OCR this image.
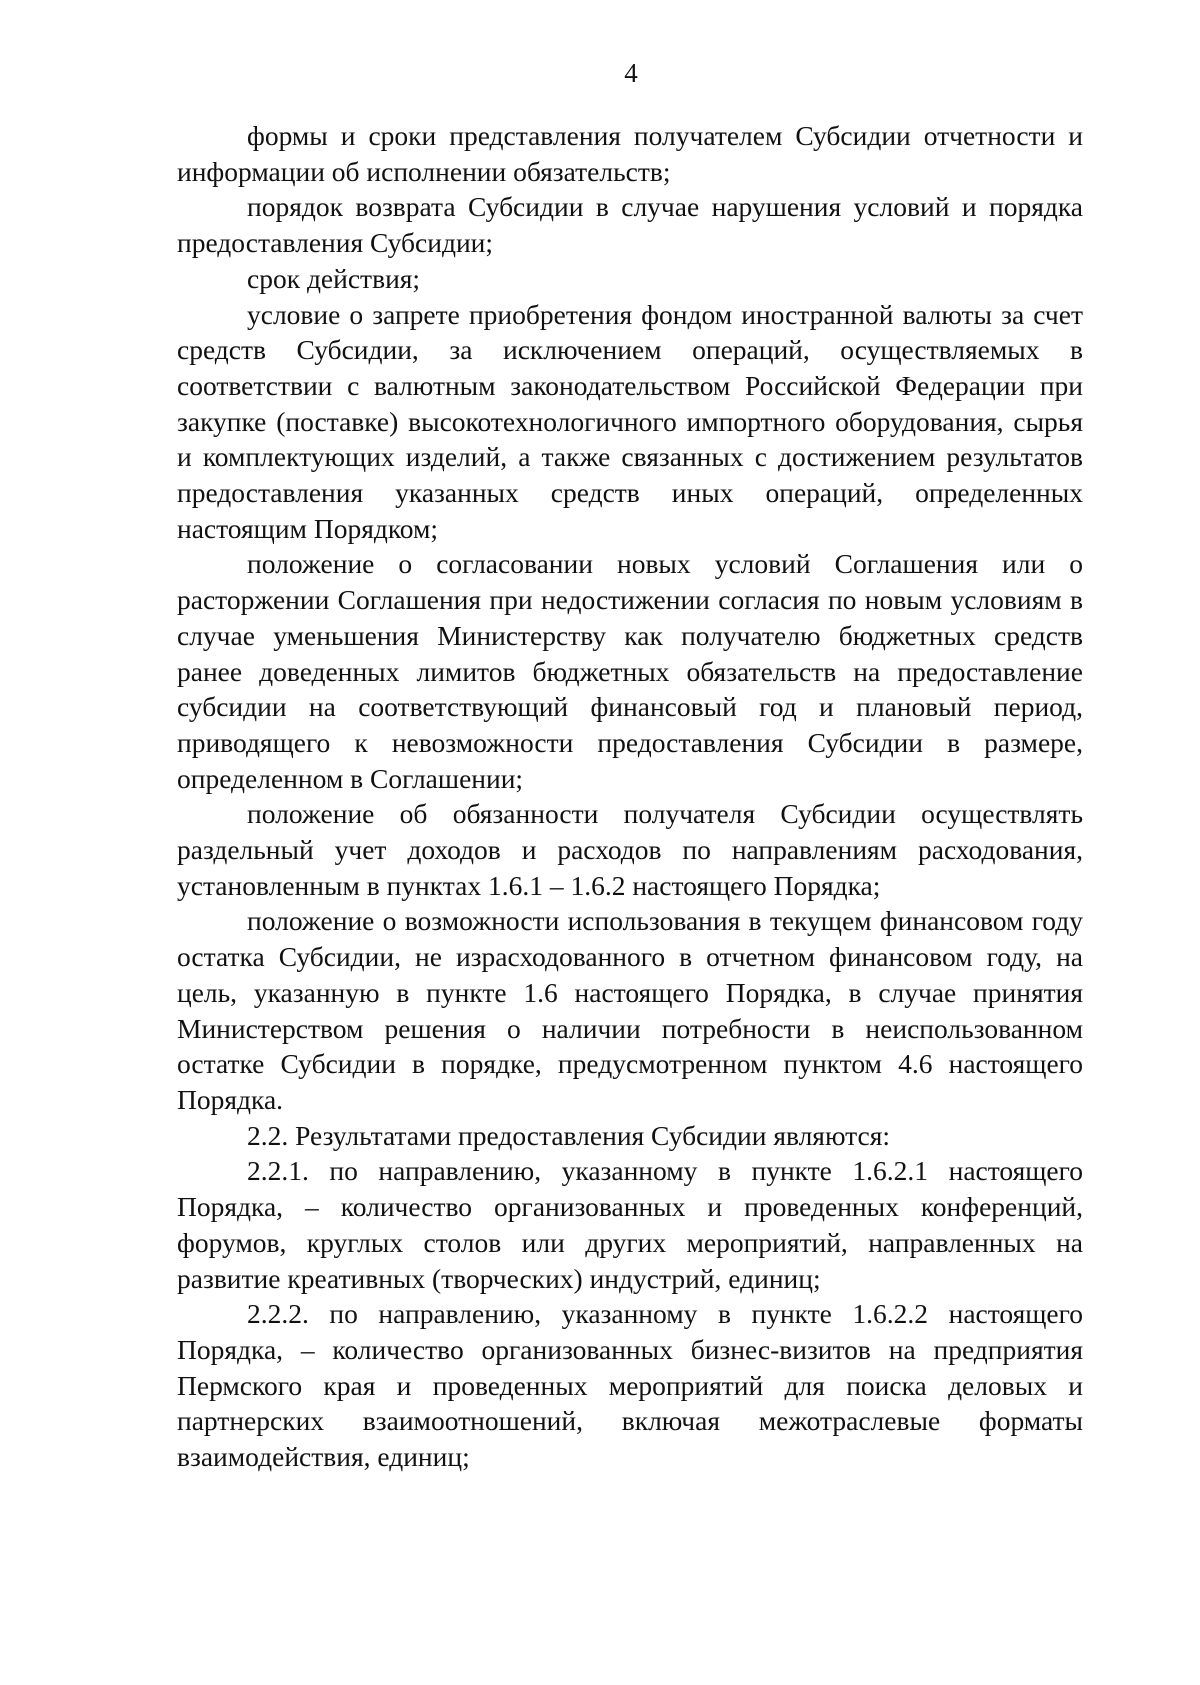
4

формы и сроки представления получателем Субсидии отчетности и информации об исполнении обязательств;

порядок возврата Субсидии в случае нарушения условий и порядка предоставления Субсидии;

срок действия;

условие о запрете приобретения фондом иностранной валюты за счет средств Субсидии, за исключением операций, осуществляемых в соответствии с валютным законодательством Российской Федерации при закупке (поставке) высокотехнологичного импортного оборудования, сырья и комплектующих изделий, а также связанных с достижением результатов предоставления указанных средств иных операций, определенных настоящим Порядком;

положение о согласовании новых условий Соглашения или о расторжении Соглашения при недостижении согласия по новым условиям в случае уменьшения Министерству как получателю бюджетных средств ранее доведенных лимитов бюджетных обязательств на предоставление субсидии на соответствующий финансовый год и плановый период, приводящего к невозможности предоставления Субсидии в размере, определенном в Соглашении;

положение об обязанности получателя Субсидии осуществлять раздельный учет доходов и расходов по направлениям расходования, установленным в пунктах 1.6.1 – 1.6.2 настоящего Порядка;

положение о возможности использования в текущем финансовом году остатка Субсидии, не израсходованного в отчетном финансовом году, на цель, указанную в пункте 1.6 настоящего Порядка, в случае принятия Министерством решения о наличии потребности в неиспользованном остатке Субсидии в порядке, предусмотренном пунктом 4.6 настоящего Порядка.

2.2. Результатами предоставления Субсидии являются:

2.2.1. по направлению, указанному в пункте 1.6.2.1 настоящего Порядка, – количество организованных и проведенных конференций, форумов, круглых столов или других мероприятий, направленных на развитие креативных (творческих) индустрий, единиц;

2.2.2. по направлению, указанному в пункте 1.6.2.2 настоящего Порядка, – количество организованных бизнес-визитов на предприятия Пермского края и проведенных мероприятий для поиска деловых и партнерских взаимоотношений, включая межотраслевые форматы взаимодействия, единиц;
